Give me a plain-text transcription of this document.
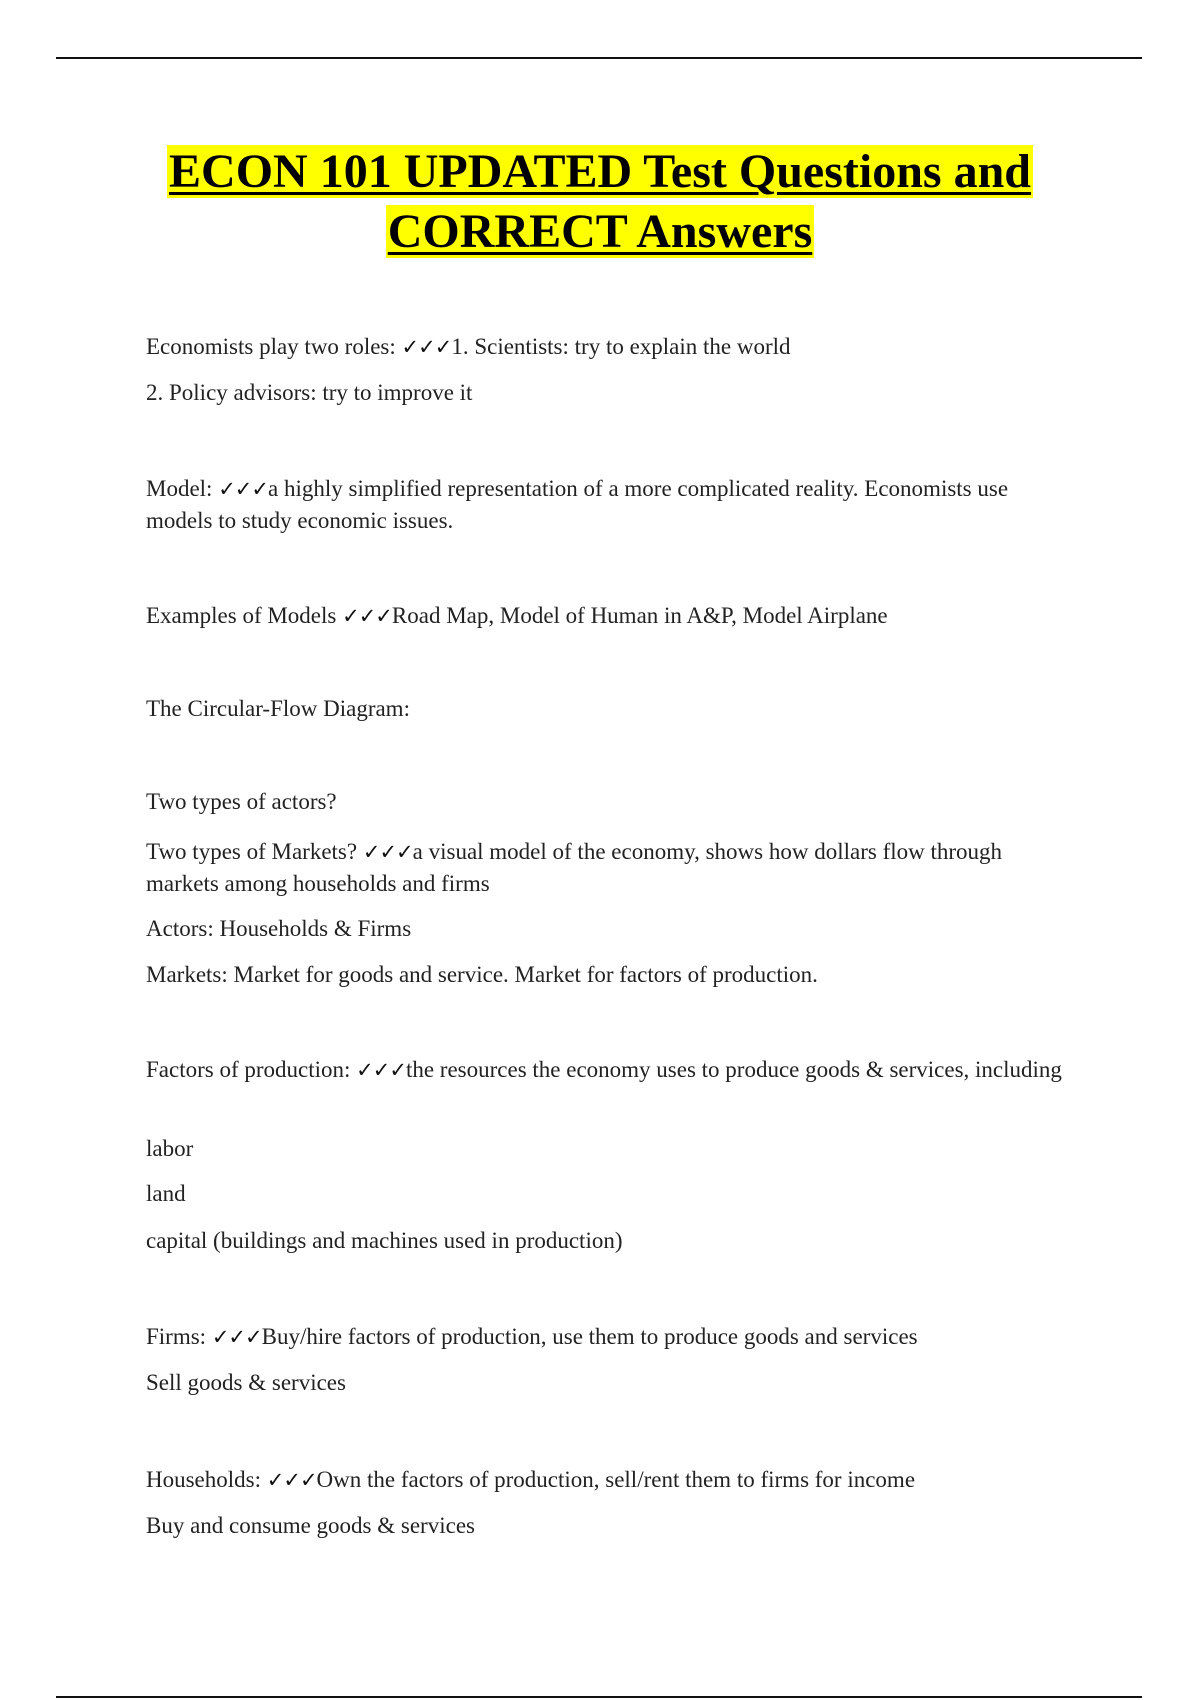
ECON 101 UPDATED Test Questions and
CORRECT Answers

Economists play two roles: ✓✓✓1. Scientists: try to explain the world

2. Policy advisors: try to improve it

Model: ✓✓✓a highly simplified representation of a more complicated reality. Economists use models to study economic issues.

Examples of Models ✓✓✓Road Map, Model of Human in A&P, Model Airplane

The Circular-Flow Diagram:

Two types of actors?

Two types of Markets? ✓✓✓a visual model of the economy, shows how dollars flow through markets among households and firms

Actors: Households & Firms

Markets: Market for goods and service. Market for factors of production.

Factors of production: ✓✓✓the resources the economy uses to produce goods & services, including

labor

land

capital (buildings and machines used in production)

Firms: ✓✓✓Buy/hire factors of production, use them to produce goods and services

Sell goods & services

Households: ✓✓✓Own the factors of production, sell/rent them to firms for income

Buy and consume goods & services
